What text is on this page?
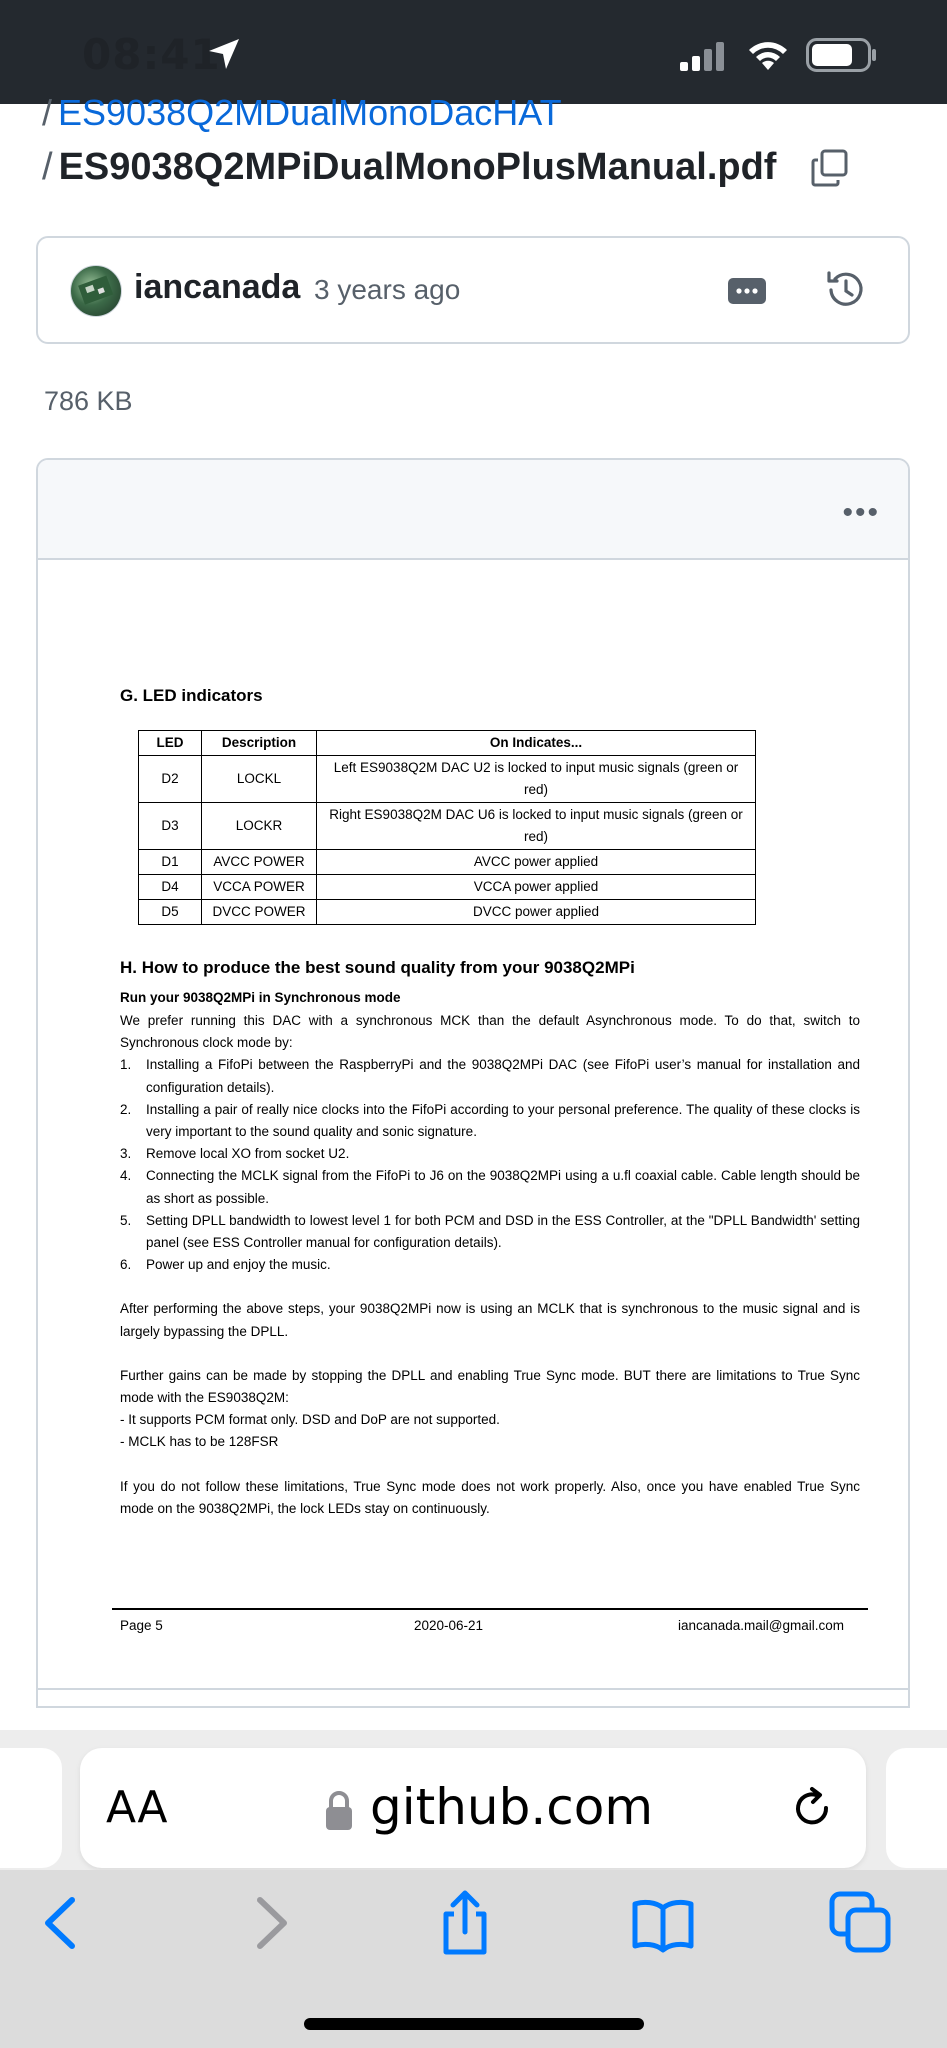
08:41
/ ES9038Q2MDualMonoDacHAT
/ ES9038Q2MPiDualMonoPlusManual.pdf
iancanada 3 years ago
786 KB
•••
G. LED indicators
LED	Description	On Indicates...
D2	LOCKL	Left ES9038Q2M DAC U2 is locked to input music signals (green or red)
D3	LOCKR	Right ES9038Q2M DAC U6 is locked to input music signals (green or red)
D1	AVCC POWER	AVCC power applied
D4	VCCA POWER	VCCA power applied
D5	DVCC POWER	DVCC power applied
H. How to produce the best sound quality from your 9038Q2MPi
Run your 9038Q2MPi in Synchronous mode

We prefer running this DAC with a synchronous MCK than the default Asynchronous mode. To do that, switch to Synchronous clock mode by:

1. Installing a FifoPi between the RaspberryPi and the 9038Q2MPi DAC (see FifoPi user’s manual for installation and configuration details).
2. Installing a pair of really nice clocks into the FifoPi according to your personal preference. The quality of these clocks is very important to the sound quality and sonic signature.
3. Remove local XO from socket U2.
4. Connecting the MCLK signal from the FifoPi to J6 on the 9038Q2MPi using a u.fl coaxial cable. Cable length should be as short as possible.
5. Setting DPLL bandwidth to lowest level 1 for both PCM and DSD in the ESS Controller, at the "DPLL Bandwidth' setting panel (see ESS Controller manual for configuration details).
6. Power up and enjoy the music.

After performing the above steps, your 9038Q2MPi now is using an MCLK that is synchronous to the music signal and is largely bypassing the DPLL.

Further gains can be made by stopping the DPLL and enabling True Sync mode. BUT there are limitations to True Sync mode with the ES9038Q2M:

- It supports PCM format only. DSD and DoP are not supported.

- MCLK has to be 128FSR

If you do not follow these limitations, True Sync mode does not work properly. Also, once you have enabled True Sync mode on the 9038Q2MPi, the lock LEDs stay on continuously.

Page 5	2020-06-21	iancanada.mail@gmail.com
AA	github.com
